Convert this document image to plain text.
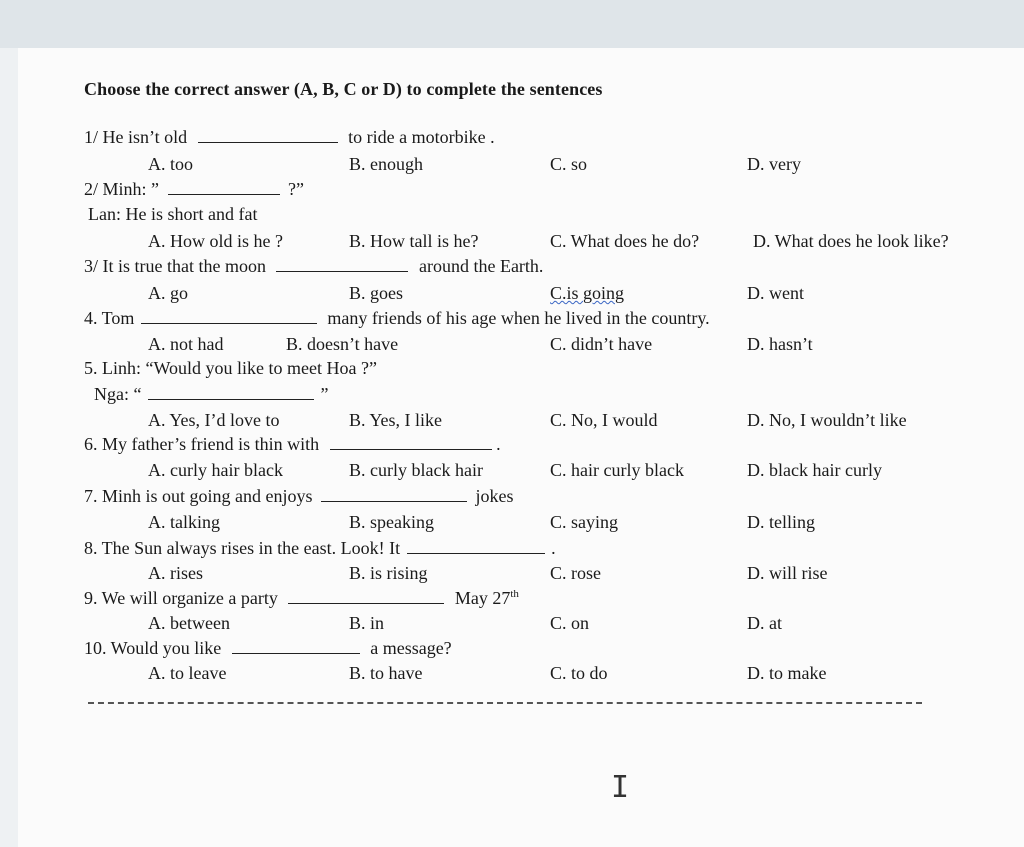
Choose the correct answer (A, B, C or D) to complete the sentences
1/ He isn’t old	to ride a motorbike .
A. too	B. enough	C. so	D. very
2/ Minh: ”	?”
Lan: He is short and fat
A. How old is he ?	B. How tall is he?	C. What does he do?	D. What does he look like?
3/ It is true that the moon	around the Earth.
A. go	B. goes	C.is going	D. went
4. Tom	many friends of his age when he lived in the country.
A. not had	B. doesn’t have	C. didn’t have	D. hasn’t
5. Linh: “Would you like to meet Hoa ?”
Nga: “	”
A. Yes, I’d love to	B. Yes, I like	C. No, I would	D. No, I wouldn’t like
6. My father’s friend is thin with	.
A. curly hair black	B. curly black hair	C. hair curly black	D. black hair curly
7. Minh is out going and enjoys	jokes
A. talking	B. speaking	C. saying	D. telling
8. The Sun always rises in the east. Look! It	.
A. rises	B. is rising	C. rose	D. will rise
9. We will organize a party	May 27th
A. between	B. in	C. on	D. at
10. Would you like	a message?
A. to leave	B. to have	C. to do	D. to make
I
